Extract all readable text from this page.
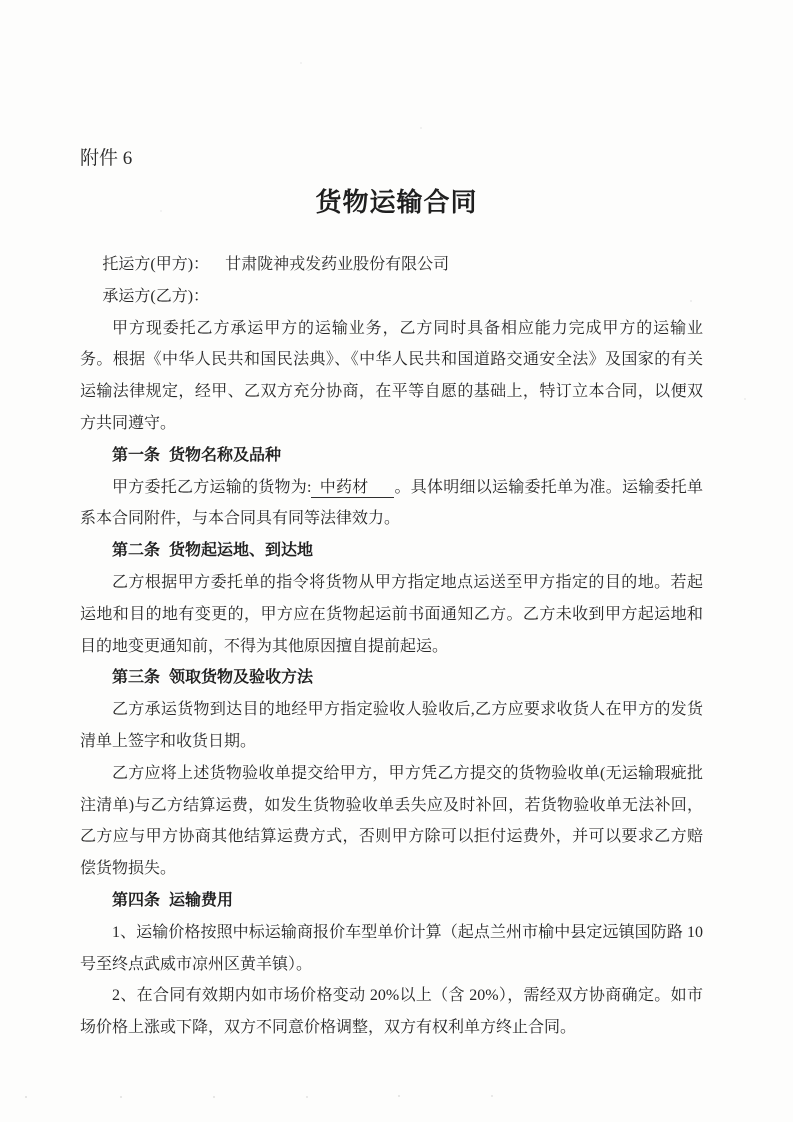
附件 6
货物运输合同

托运方(甲方)： 甘肃陇神戎发药业股份有限公司

承运方(乙方)：

甲方现委托乙方承运甲方的运输业务，乙方同时具备相应能力完成甲方的运输业务。根据《中华人民共和国民法典》、《中华人民共和国道路交通安全法》及国家的有关运输法律规定，经甲、乙双方充分协商，在平等自愿的基础上，特订立本合同，以便双方共同遵守。

第一条 货物名称及品种

甲方委托乙方运输的货物为: 中药材 。具体明细以运输委托单为准。运输委托单系本合同附件，与本合同具有同等法律效力。

第二条 货物起运地、到达地

乙方根据甲方委托单的指令将货物从甲方指定地点运送至甲方指定的目的地。若起运地和目的地有变更的，甲方应在货物起运前书面通知乙方。乙方未收到甲方起运地和目的地变更通知前，不得为其他原因擅自提前起运。

第三条 领取货物及验收方法

乙方承运货物到达目的地经甲方指定验收人验收后,乙方应要求收货人在甲方的发货清单上签字和收货日期。

乙方应将上述货物验收单提交给甲方，甲方凭乙方提交的货物验收单(无运输瑕疵批注清单)与乙方结算运费，如发生货物验收单丢失应及时补回，若货物验收单无法补回，乙方应与甲方协商其他结算运费方式，否则甲方除可以拒付运费外，并可以要求乙方赔偿货物损失。

第四条 运输费用

1、运输价格按照中标运输商报价车型单价计算（起点兰州市榆中县定远镇国防路 10 号至终点武威市凉州区黄羊镇）。

2、在合同有效期内如市场价格变动 20%以上（含 20%），需经双方协商确定。如市场价格上涨或下降，双方不同意价格调整，双方有权利单方终止合同。
